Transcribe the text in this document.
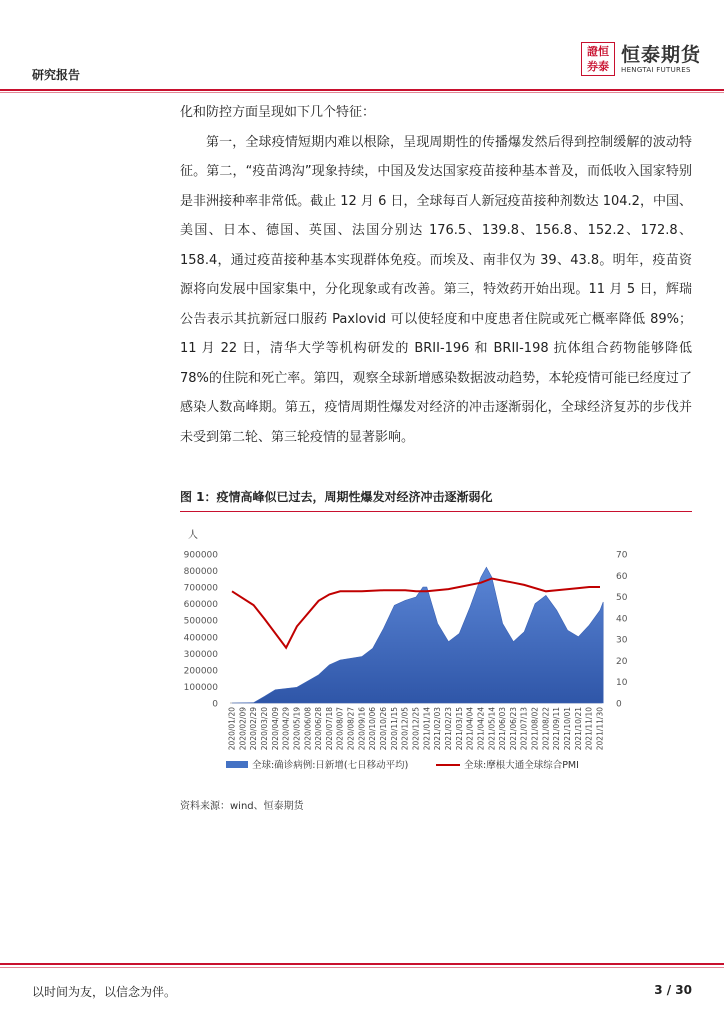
研究报告
證恒
券泰
恒泰期货
HENGTAI FUTURES

化和防控方面呈现如下几个特征：

第一，全球疫情短期内难以根除，呈现周期性的传播爆发然后得到控制缓解的波动特征。第二，“疫苗鸿沟”现象持续，中国及发达国家疫苗接种基本普及，而低收入国家特别是非洲接种率非常低。截止 12 月 6 日，全球每百人新冠疫苗接种剂数达 104.2，中国、美国、日本、德国、英国、法国分别达 176.5、139.8、156.8、152.2、172.8、158.4，通过疫苗接种基本实现群体免疫。而埃及、南非仅为 39、43.8。明年，疫苗资源将向发展中国家集中，分化现象或有改善。第三，特效药开始出现。11 月 5 日，辉瑞公告表示其抗新冠口服药 Paxlovid 可以使轻度和中度患者住院或死亡概率降低 89%；11 月 22 日，清华大学等机构研发的 BRII-196 和 BRII-198 抗体组合药物能够降低 78%的住院和死亡率。第四，观察全球新增感染数据波动趋势，本轮疫情可能已经度过了感染人数高峰期。第五，疫情周期性爆发对经济的冲击逐渐弱化，全球经济复苏的步伐并未受到第二轮、第三轮疫情的显著影响。

图 1：疫情高峰似已过去，周期性爆发对经济冲击逐渐弱化
人
0
100000
200000
300000
400000
500000
600000
700000
800000
900000
0
10
20
30
40
50
60
70
2020/01/20 2020/02/09 2020/02/29 2020/03/20 2020/04/09 2020/04/29 2020/05/19 2020/06/08 2020/06/28 2020/07/18 2020/08/07 2020/08/27 2020/09/16 2020/10/06 2020/10/26 2020/11/15 2020/12/05 2020/12/25 2021/01/14 2021/02/03 2021/02/23 2021/03/15 2021/04/04 2021/04/24 2021/05/14 2021/06/03 2021/06/23 2021/07/13 2021/08/02 2021/08/22 2021/09/11 2021/10/01 2021/10/21 2021/11/10 2021/11/30
全球:确诊病例:日新增(七日移动平均)	全球:摩根大通全球综合PMI
资料来源：wind、恒泰期货
以时间为友，以信念为伴。	3 / 30
